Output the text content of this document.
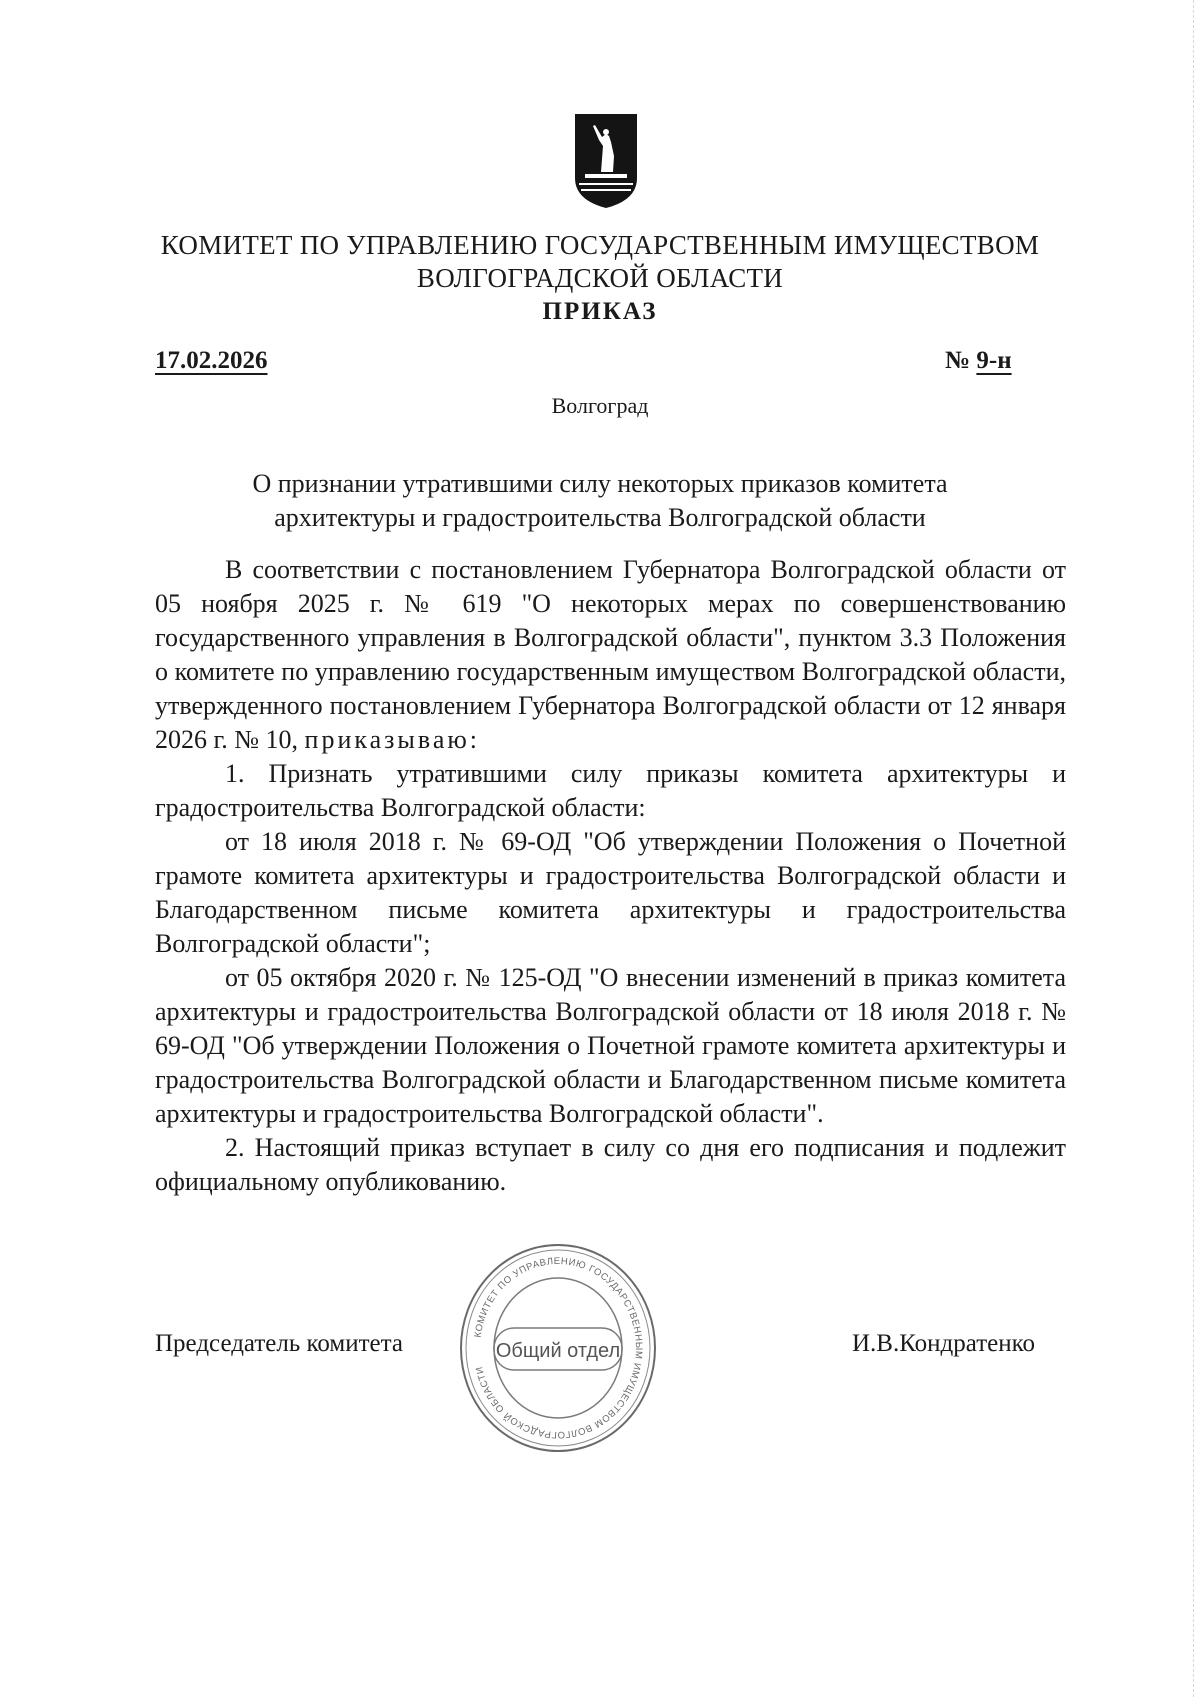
КОМИТЕТ ПО УПРАВЛЕНИЮ ГОСУДАРСТВЕННЫМ ИМУЩЕСТВОМ
ВОЛГОГРАДСКОЙ ОБЛАСТИ
ПРИКАЗ
17.02.2026	№ 9-н
Волгоград
О признании утратившими силу некоторых приказов комитета архитектуры и градостроительства Волгоградской области

В соответствии с постановлением Губернатора Волгоградской области от 05 ноября 2025 г. № 619 "О некоторых мерах по совершенствованию государственного управления в Волгоградской области", пунктом 3.3 Положения о комитете по управлению государственным имуществом Волгоградской области, утвержденного постановлением Губернатора Волгоградской области от 12 января 2026 г. № 10, приказываю:

1. Признать утратившими силу приказы комитета архитектуры и градостроительства Волгоградской области:

от 18 июля 2018 г. № 69-ОД "Об утверждении Положения о Почетной грамоте комитета архитектуры и градостроительства Волгоградской области и Благодарственном письме комитета архитектуры и градостроительства Волгоградской области";

от 05 октября 2020 г. № 125-ОД "О внесении изменений в приказ комитета архитектуры и градостроительства Волгоградской области от 18 июля 2018 г. № 69-ОД "Об утверждении Положения о Почетной грамоте комитета архитектуры и градостроительства Волгоградской области и Благодарственном письме комитета архитектуры и градостроительства Волгоградской области".

2. Настоящий приказ вступает в силу со дня его подписания и подлежит официальному опубликованию.

Председатель комитета	И.В.Кондратенко
КОМИТЕТ ПО УПРАВЛЕНИЮ ГОСУДАРСТВЕННЫМ ИМУЩЕСТВОМ ВОЛГОГРАДСКОЙ ОБЛАСТИ
Общий отдел
